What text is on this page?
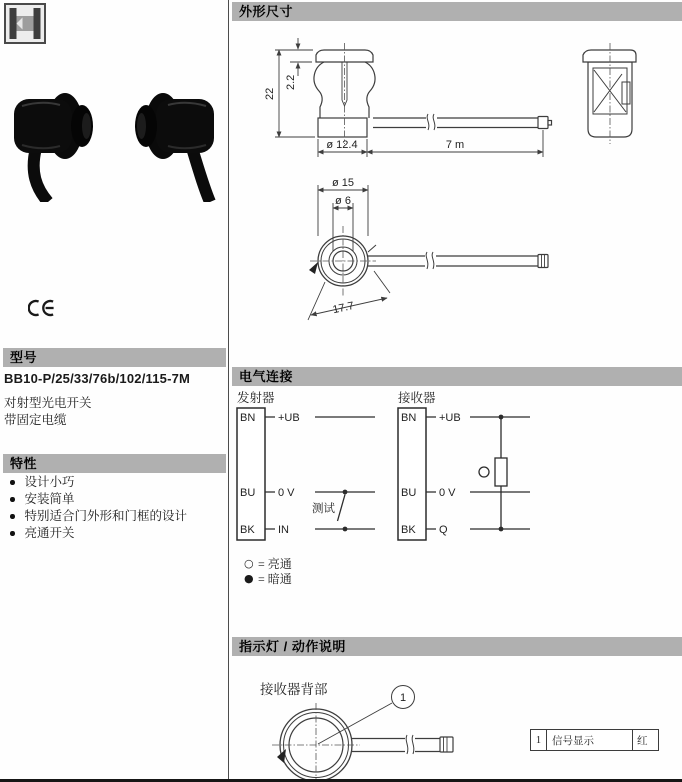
型号
BB10-P/25/33/76b/102/115-7M
对射型光电开关
带固定电缆
特性
设计小巧
安装简单
特别适合门外形和门框的设计
亮通开关
外形尺寸
22
2.2
ø 12.4	7 m
ø 15
ø 6
17.7
电气连接
发射器
BN +UB
BU 0 V
BK IN
测试
接收器
BN +UB
BU 0 V
BK Q
○ = 亮通
● = 暗通
指示灯 / 动作说明
接收器背部
1
1	信号显示	红
